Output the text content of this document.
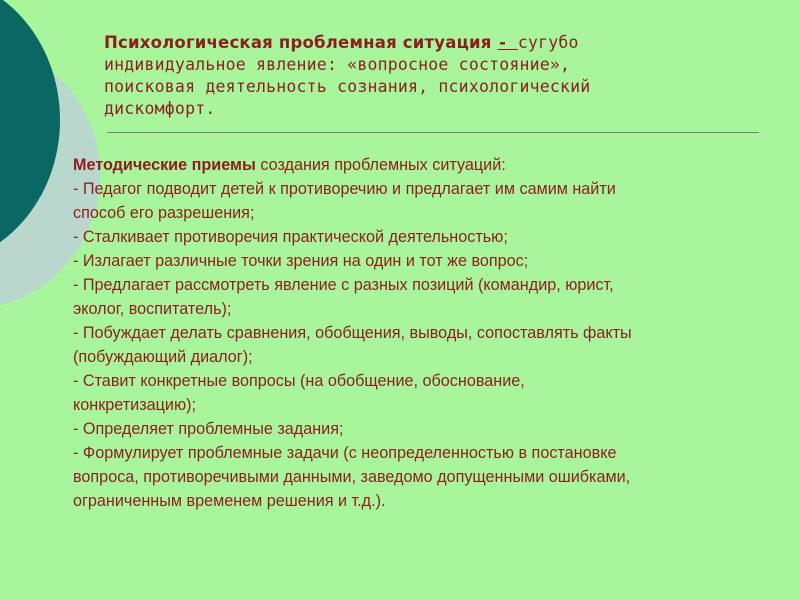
Психологическая проблемная ситуация - сугубо
индивидуальное явление: «вопросное состояние»,
поисковая деятельность сознания, психологический
дискомфорт.
Методические приемы создания проблемных ситуаций:
- Педагог подводит детей к противоречию и предлагает им самим найти
способ его разрешения;
- Сталкивает противоречия практической деятельностью;
- Излагает различные точки зрения на один и тот же вопрос;
- Предлагает рассмотреть явление с разных позиций (командир, юрист,
эколог, воспитатель);
- Побуждает делать сравнения, обобщения, выводы, сопоставлять факты
(побуждающий диалог);
- Ставит конкретные вопросы (на обобщение, обоснование,
конкретизацию);
- Определяет проблемные задания;
- Формулирует проблемные задачи (с неопределенностью в постановке
вопроса, противоречивыми данными, заведомо допущенными ошибками,
ограниченным временем решения и т.д.).
